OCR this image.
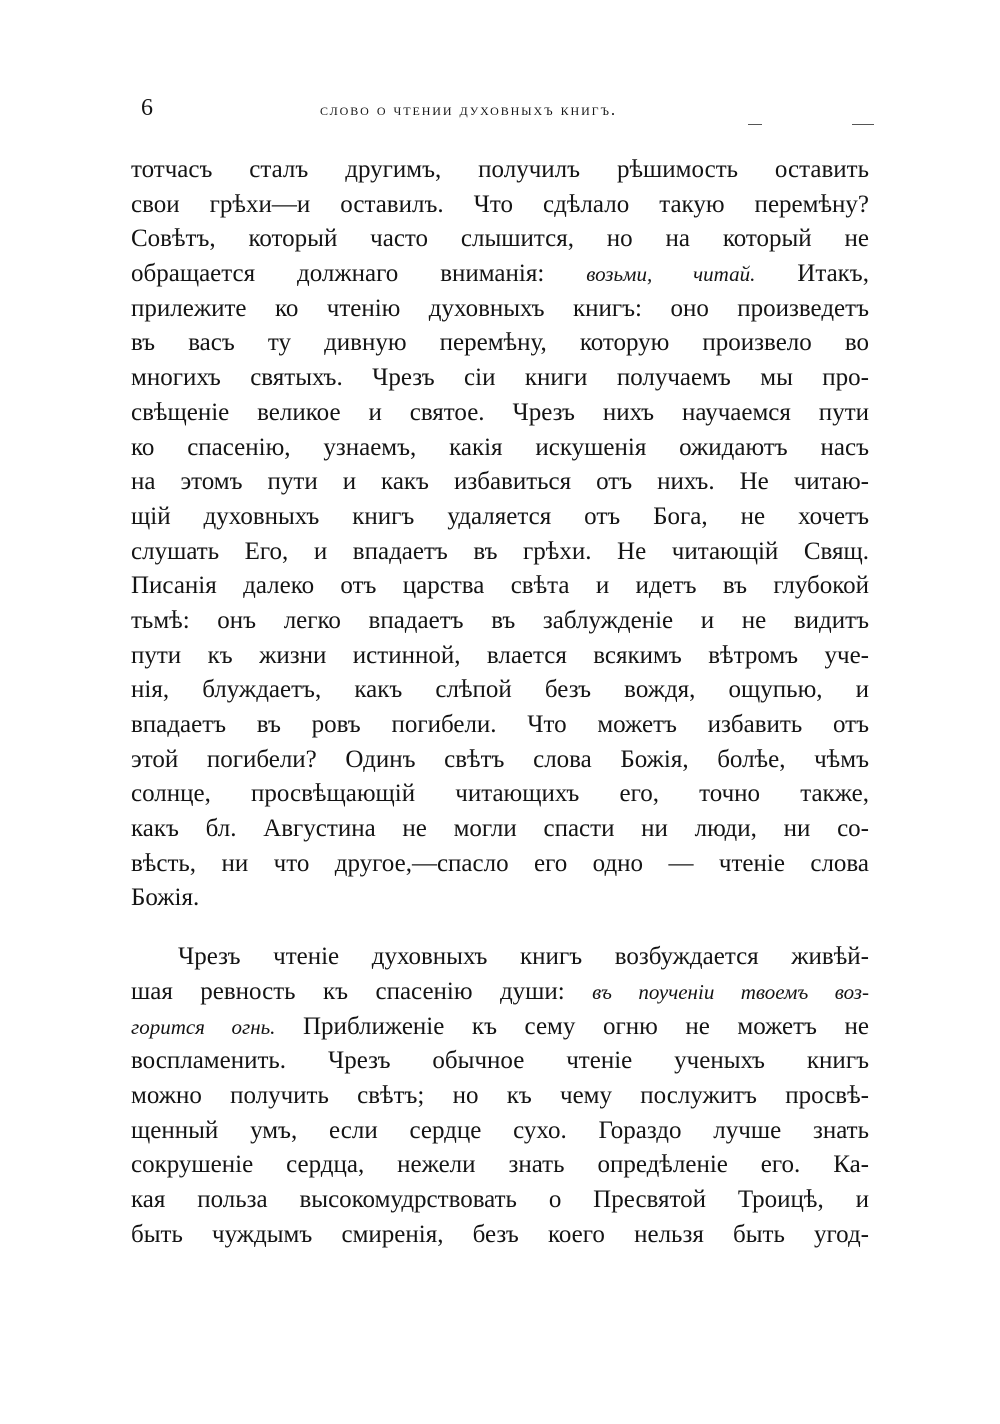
6	слово о чтении духовныхъ книгъ.
тотчасъ сталъ другимъ, получилъ рѣшимость оставить
свои грѣхи—и оставилъ. Что сдѣлало такую перемѣну?
Совѣтъ, который часто слышится, но на который не
обращается должнаго вниманія: возьми, читай. Итакъ,
прилежите ко чтенію духовныхъ книгъ: оно произведетъ
въ васъ ту дивную перемѣну, которую произвело во
многихъ святыхъ. Чрезъ сіи книги получаемъ мы про-
свѣщеніе великое и святое. Чрезъ нихъ научаемся пути
ко спасенію, узнаемъ, какія искушенія ожидаютъ насъ
на этомъ пути и какъ избавиться отъ нихъ. Не читаю-
щій духовныхъ книгъ удаляется отъ Бога, не хочетъ
слушать Его, и впадаетъ въ грѣхи. Не читающій Свящ.
Писанія далеко отъ царства свѣта и идетъ въ глубокой
тьмѣ: онъ легко впадаетъ въ заблужденіе и не видитъ
пути къ жизни истинной, влается всякимъ вѣтромъ уче-
нія, блуждаетъ, какъ слѣпой безъ вождя, ощупью, и
впадаетъ въ ровъ погибели. Что можетъ избавить отъ
этой погибели? Одинъ свѣтъ слова Божія, болѣе, чѣмъ
солнце, просвѣщающій читающихъ его, точно также,
какъ бл. Августина не могли спасти ни люди, ни со-
вѣсть, ни что другое,—спасло его одно — чтеніе слова
Божія.
Чрезъ чтеніе духовныхъ книгъ возбуждается живѣй-
шая ревность къ спасенію души: въ поученіи твоемъ воз-
горится огнь. Приближеніе къ сему огню не можетъ не
воспламенить. Чрезъ обычное чтеніе ученыхъ книгъ
можно получить свѣтъ; но къ чему послужитъ просвѣ-
щенный умъ, если сердце сухо. Гораздо лучше знать
сокрушеніе сердца, нежели знать опредѣленіе его. Ка-
кая польза высокомудрствовать о Пресвятой Троицѣ, и
быть чуждымъ смиренія, безъ коего нельзя быть угод-
